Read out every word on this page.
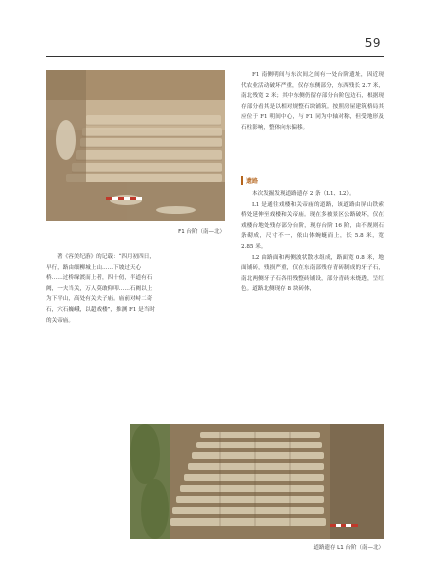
59
F1 台阶（南—北）

F1 南侧明间与东次间之间有一处台阶遗址，因近现代农业活动破坏严重，仅存东侧部分，东西残长 2.7 米，南北残宽 2 米；其中东侧仍留存部分台阶包边石，根据现存部分看其是以相对规整石块铺筑。按照房屋建筑格局其应位于 F1 明间中心，与 F1 同为中轴对称，但受地形及石柱影响，整体向东偏移。

遗路

本次发掘发现道路遗存 2 条（L1、L2）。

L1 是通往戏楼和关帝庙的道路，该道路由屏山铁索桥处延伸至戏楼和关帝庙。现在多被景区公路破坏，仅在戏楼台地处残存部分台阶，现存台阶 16 阶，由不规则石条砌成，尺寸不一，依山体蜿蜒而上，长 5.8 米，宽 2.85 米。

L2 由路面和两侧波状散水组成，路面宽 0.8 米，地面铺砖，残损严重，仅在东南部残存青砖制成的牙子石，南北两侧牙子石各用残整砖铺设，部分青砖未烧透，呈红色。道路北侧现存 8 块砖体，

著《容美纪游》的记载：“四月初四日，早行，路由细柳城上山……下坡过天心桥……过桥缘渡而上者，四十仞，半道有石阙，一夫当关，万人莫敢仰叩……石阙以上为下平山，高处有关夫子庙。庙前对峙二奇石，穴石巍峨，以超戏楼”，推测 F1 是当时的关帝庙。

道路遗存 L1 台阶（南—北）
